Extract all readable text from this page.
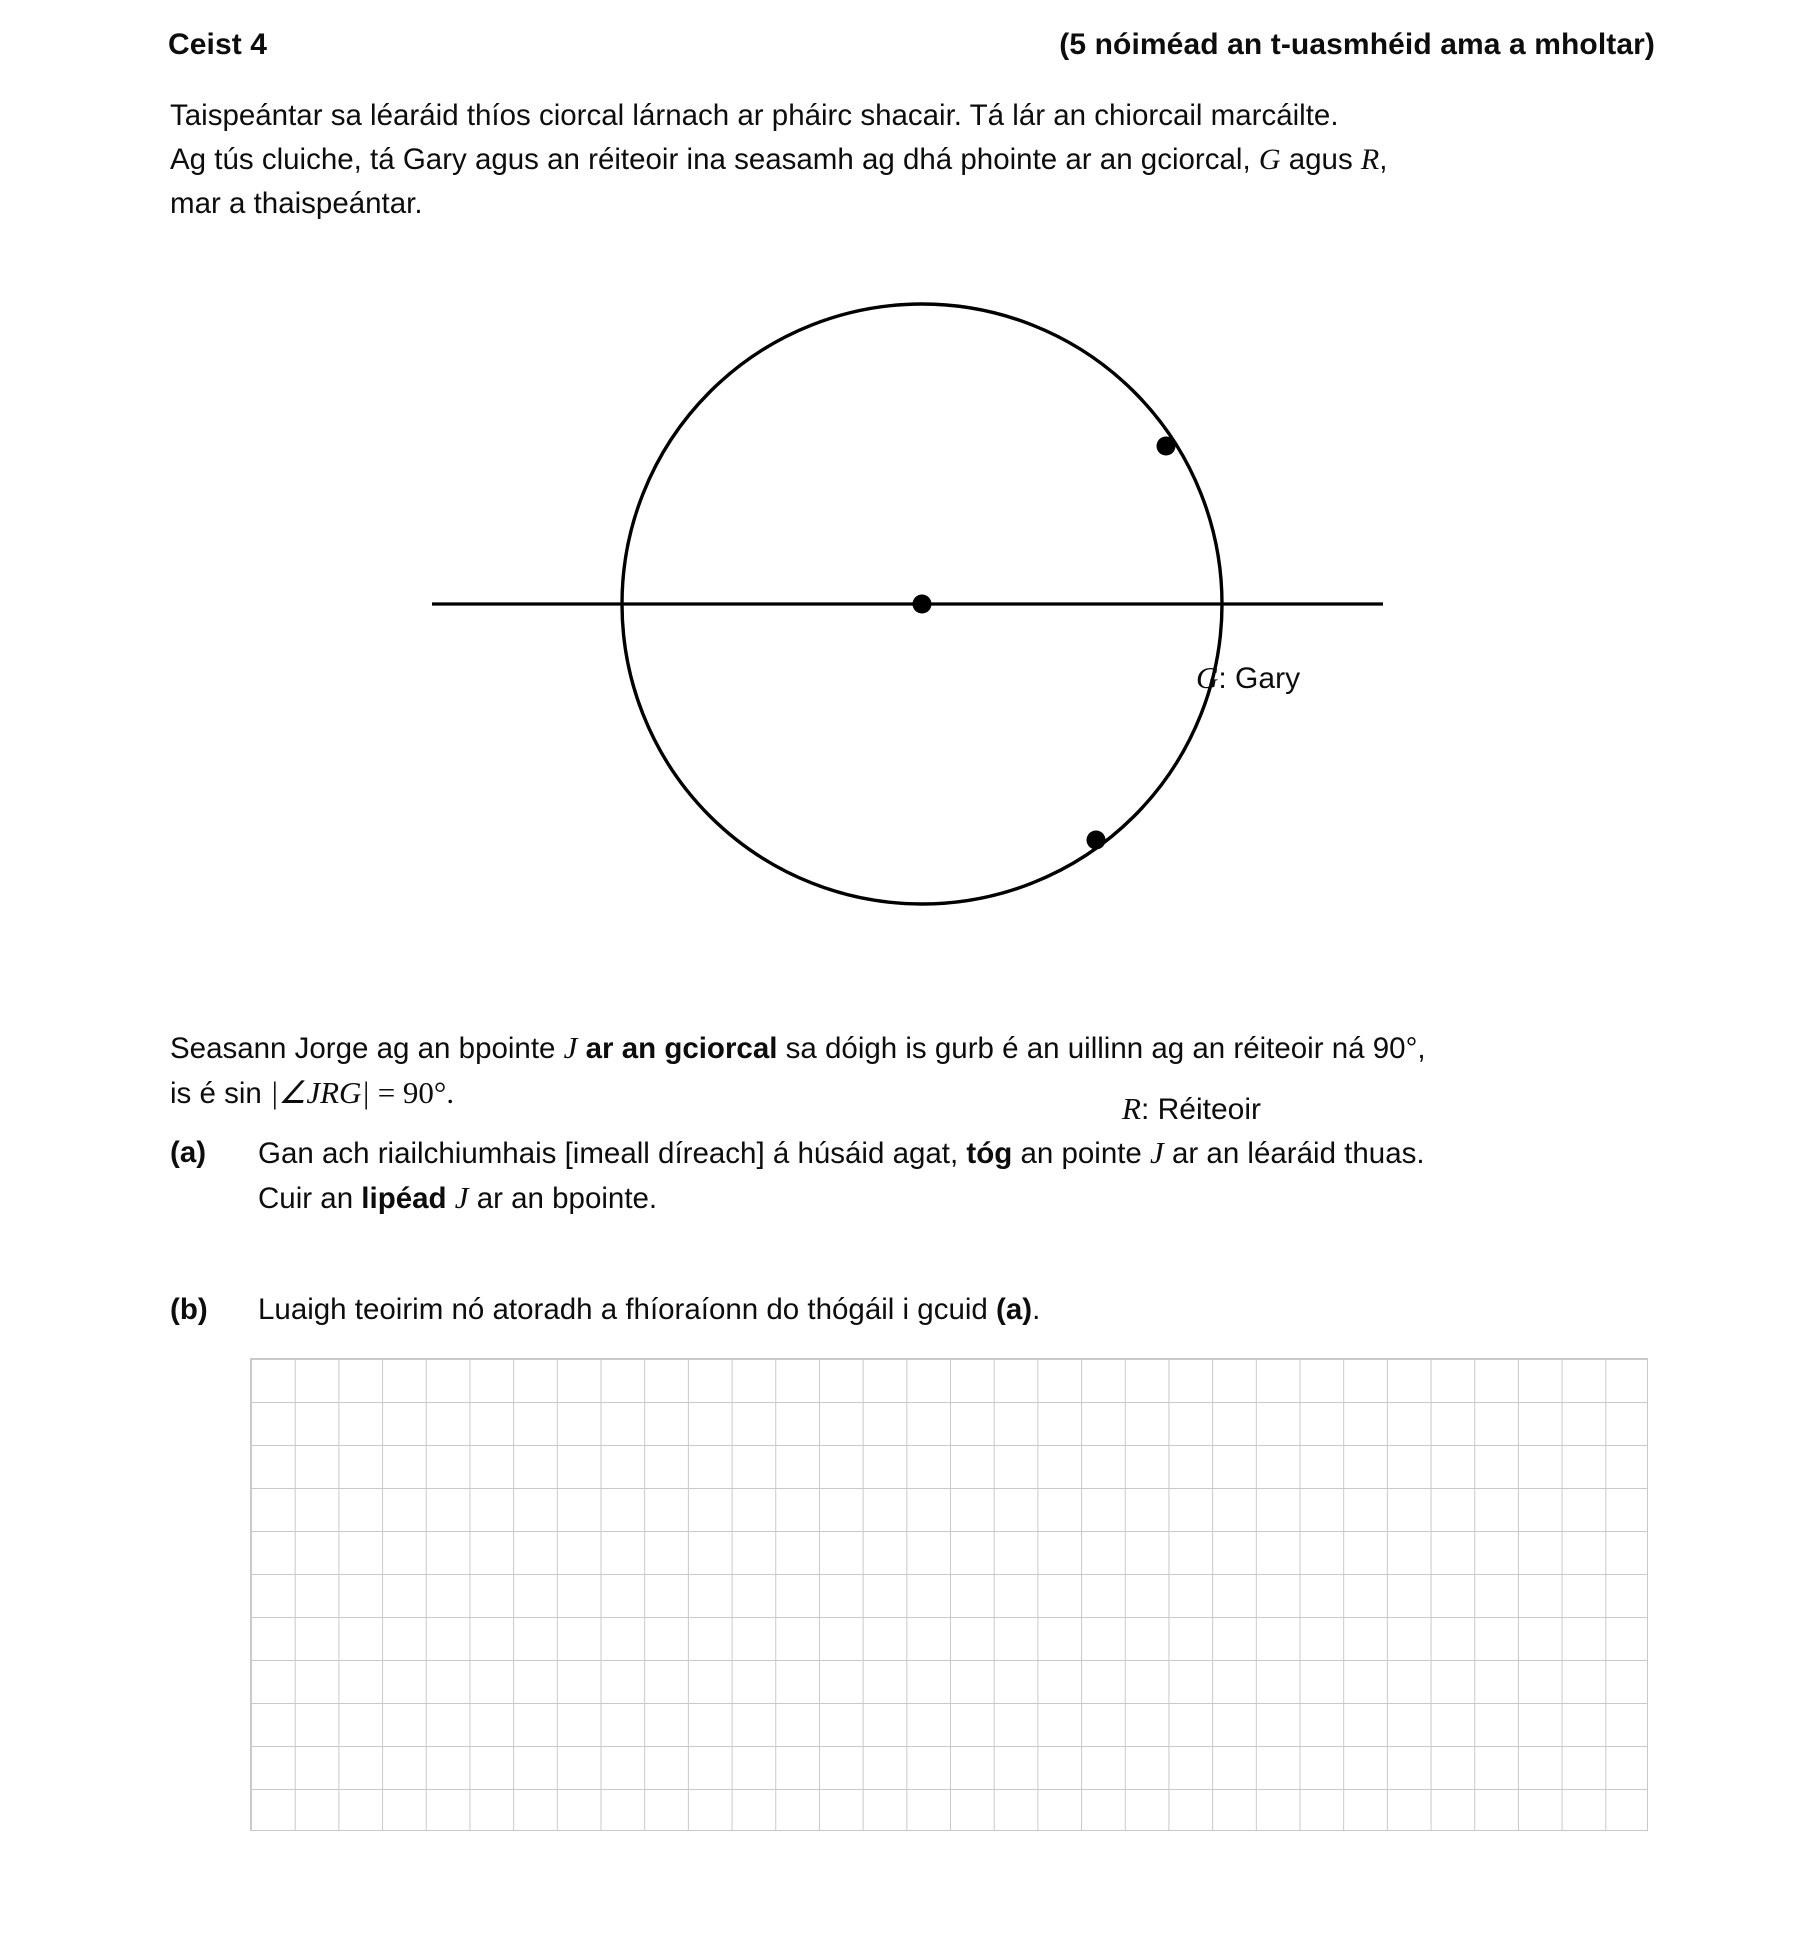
Ceist 4	(5 nóiméad an t-uasmhéid ama a mholtar)
Taispeántar sa léaráid thíos ciorcal lárnach ar pháirc shacair. Tá lár an chiorcail marcáilte.
Ag tús cluiche, tá Gary agus an réiteoir ina seasamh ag dhá phointe ar an gciorcal, G agus R,
mar a thaispeántar.
G: Gary
R: Réiteoir
Seasann Jorge ag an bpointe J ar an gciorcal sa dóigh is gurb é an uillinn ag an réiteoir ná 90°,
is é sin |∠JRG| = 90°.
(a)	Gan ach riailchiumhais [imeall díreach] á húsáid agat, tóg an pointe J ar an léaráid thuas.
Cuir an lipéad J ar an bpointe.
(b)	Luaigh teoirim nó atoradh a fhíoraíonn do thógáil i gcuid (a).
